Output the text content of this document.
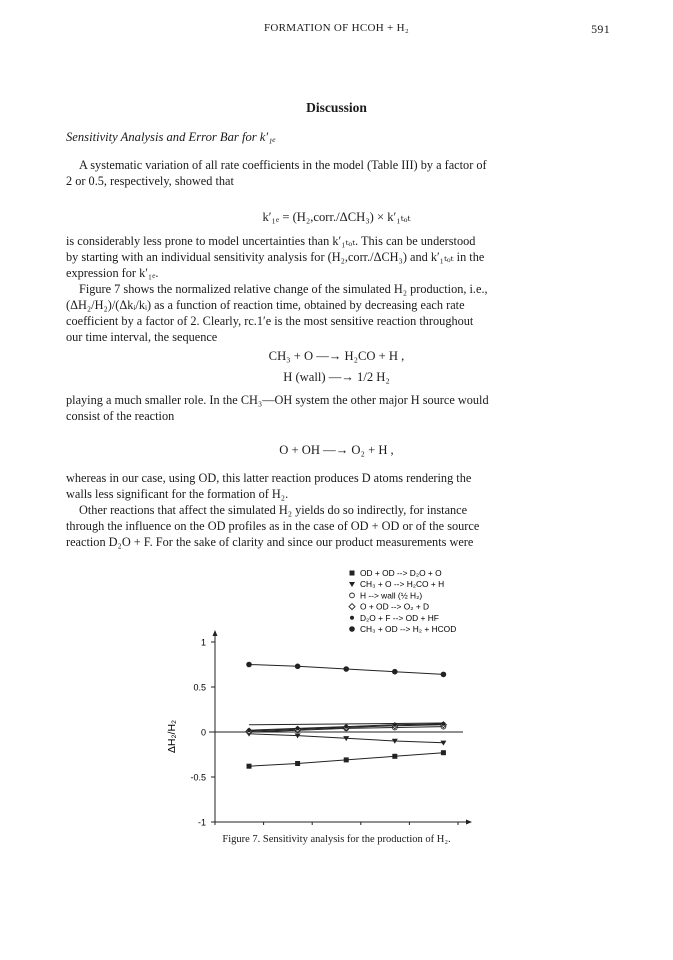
FORMATION OF HCOH + H₂	591
Discussion
Sensitivity Analysis and Error Bar for k′₁ₑ
A systematic variation of all rate coefficients in the model (Table III) by a factor of
2 or 0.5, respectively, showed that
k′₁ₑ = (H₂,corr./ΔCH₃) × k′₁ₜₒₜ
is considerably less prone to model uncertainties than k′₁ₜₒₜ. This can be understood
by starting with an individual sensitivity analysis for (H₂,corr./ΔCH₃) and k′₁ₜₒₜ in the
expression for k′₁ₑ.
Figure 7 shows the normalized relative change of the simulated H₂ production, i.e.,
(ΔH₂/H₂)/(Δkᵢ/kᵢ) as a function of reaction time, obtained by decreasing each rate
coefficient by a factor of 2. Clearly, rc.1′e is the most sensitive reaction throughout
our time interval, the sequence
CH₃ + O —→ H₂CO + H ,
H (wall) —→ 1/2 H₂
playing a much smaller role. In the CH₃—OH system the other major H source would
consist of the reaction
O + OH —→ O₂ + H ,
whereas in our case, using OD, this latter reaction produces D atoms rendering the
walls less significant for the formation of H₂.
Other reactions that affect the simulated H₂ yields do so indirectly, for instance
through the influence on the OD profiles as in the case of OD + OD or of the source
reaction D₂O + F. For the sake of clarity and since our product measurements were
1
0.5
0
-0.5
-1
ΔH₂/H₂
OD + OD --> D₂O + O
CH₃ + O --> H₂CO + H
H --> wall (½ H₂)
O + OD --> O₂ + D
D₂O + F --> OD + HF
CH₃ + OD --> H₂ + HCOD
Figure 7. Sensitivity analysis for the production of H₂.
